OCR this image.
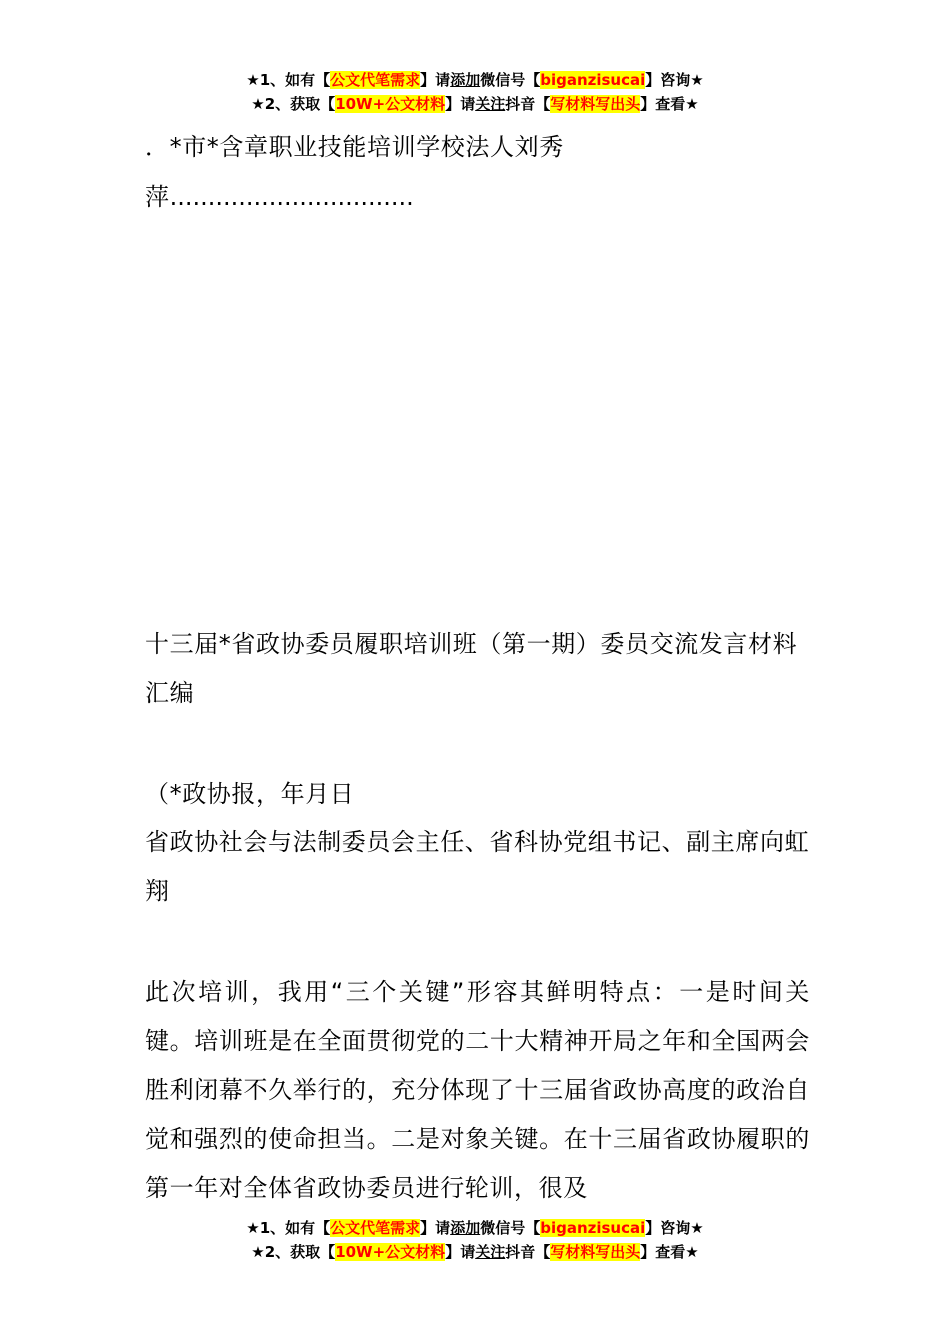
★1、如有【公文代笔需求】请添加微信号【biganzisucai】咨询★
★2、获取【10W+公文材料】请关注抖音【写材料写出头】查看★

．*市*含章职业技能培训学校法人刘秀萍................................

十三届*省政协委员履职培训班（第一期）委员交流发言材料汇编

（*政协报，年月日

省政协社会与法制委员会主任、省科协党组书记、副主席向虹翔

此次培训，我用“三个关键”形容其鲜明特点：一是时间关键。培训班是在全面贯彻党的二十大精神开局之年和全国两会胜利闭幕不久举行的，充分体现了十三届省政协高度的政治自觉和强烈的使命担当。二是对象关键。在十三届省政协履职的第一年对全体省政协委员进行轮训，很及

★1、如有【公文代笔需求】请添加微信号【biganzisucai】咨询★
★2、获取【10W+公文材料】请关注抖音【写材料写出头】查看★
